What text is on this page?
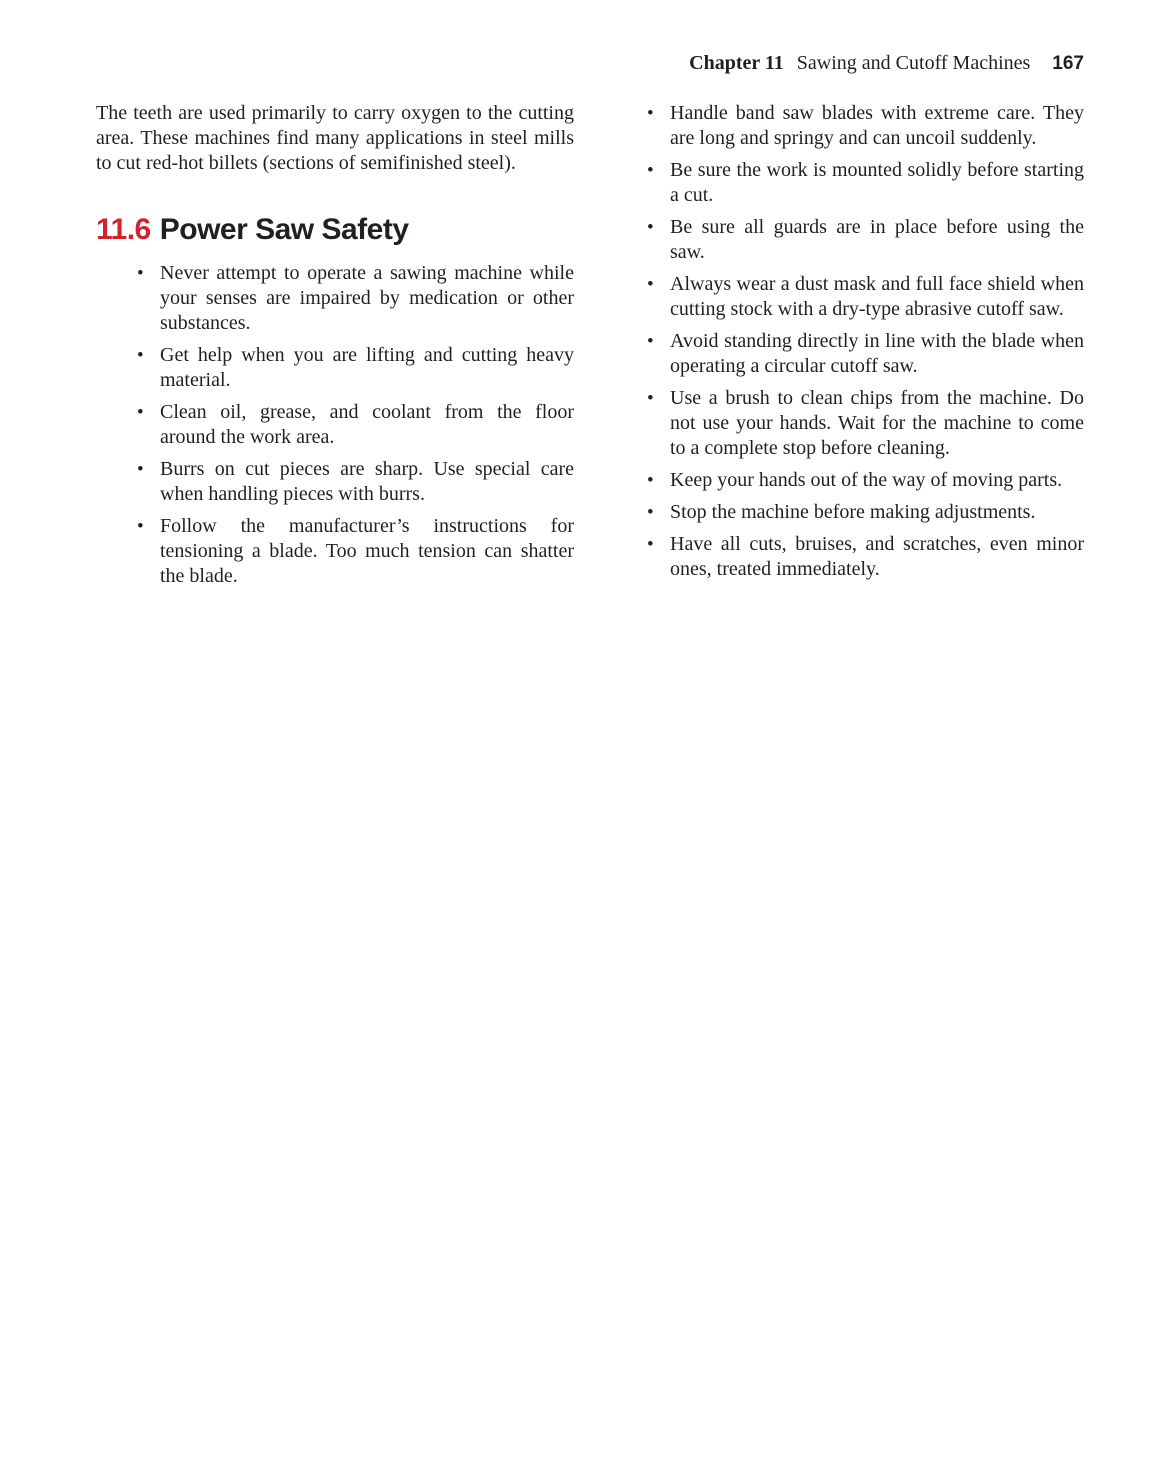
Chapter 11 Sawing and Cutoff Machines 167

The teeth are used primarily to carry oxygen to the cutting area. These machines find many applications in steel mills to cut red-hot billets (sections of semifinished steel).

11.6 Power Saw Safety
• Never attempt to operate a sawing machine while your senses are impaired by medication or other substances.
• Get help when you are lifting and cutting heavy material.
• Clean oil, grease, and coolant from the floor around the work area.
• Burrs on cut pieces are sharp. Use special care when handling pieces with burrs.
• Follow the manufacturer’s instructions for tensioning a blade. Too much tension can shatter the blade.
• Handle band saw blades with extreme care. They are long and springy and can uncoil suddenly.
• Be sure the work is mounted solidly before starting a cut.
• Be sure all guards are in place before using the saw.
• Always wear a dust mask and full face shield when cutting stock with a dry-type abrasive cutoff saw.
• Avoid standing directly in line with the blade when operating a circular cutoff saw.
• Use a brush to clean chips from the machine. Do not use your hands. Wait for the machine to come to a complete stop before cleaning.
• Keep your hands out of the way of moving parts.
• Stop the machine before making adjustments.
• Have all cuts, bruises, and scratches, even minor ones, treated immediately.
